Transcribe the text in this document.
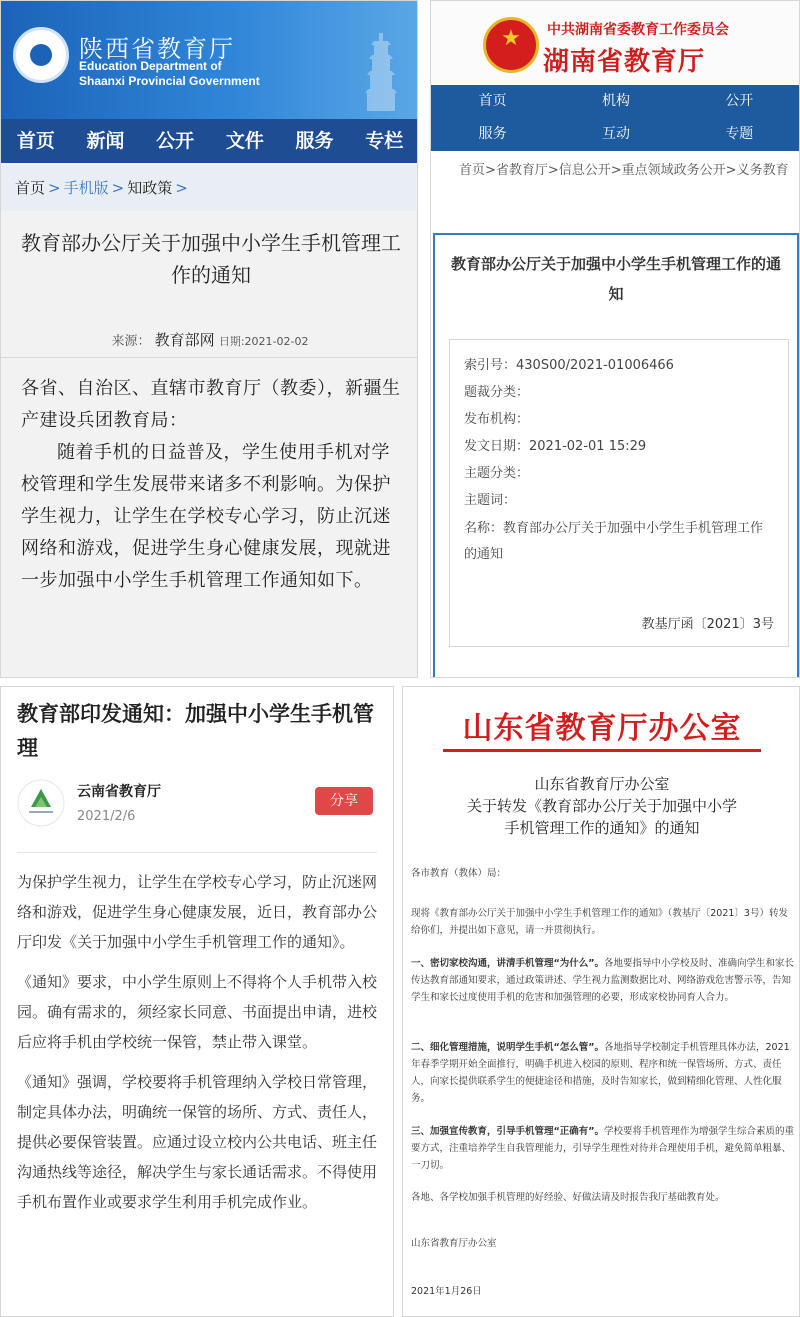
陕西省教育厅
Education Department of
Shaanxi Provincial Government
首页	新闻	公开	文件	服务	专栏
首页 > 手机版 > 知政策 >
教育部办公厅关于加强中小学生手机管理工作的通知
来源： 教育部网 日期:2021-02-02

各省、自治区、直辖市教育厅（教委），新疆生产建设兵团教育局：

随着手机的日益普及，学生使用手机对学校管理和学生发展带来诸多不利影响。为保护学生视力，让学生在学校专心学习，防止沉迷网络和游戏，促进学生身心健康发展，现就进一步加强中小学生手机管理工作通知如下。

★
中共湖南省委教育工作委员会
湖南省教育厅
首页	机构	公开
服务	互动	专题
首页>省教育厅>信息公开>重点领域政务公开>义务教育
教育部办公厅关于加强中小学生手机管理工作的通知
索引号：430S00/2021-01006466
题裁分类：
发布机构：
发文日期：2021-02-01 15:29
主题分类：
主题词：
名称：教育部办公厅关于加强中小学生手机管理工作的通知
教基厅函〔2021〕3号
教育部印发通知：加强中小学生手机管理
云南省教育厅
2021/2/6
分享

为保护学生视力，让学生在学校专心学习，防止沉迷网络和游戏，促进学生身心健康发展，近日，教育部办公厅印发《关于加强中小学生手机管理工作的通知》。

《通知》要求，中小学生原则上不得将个人手机带入校园。确有需求的，须经家长同意、书面提出申请，进校后应将手机由学校统一保管，禁止带入课堂。

《通知》强调，学校要将手机管理纳入学校日常管理，制定具体办法，明确统一保管的场所、方式、责任人，提供必要保管装置。应通过设立校内公共电话、班主任沟通热线等途径，解决学生与家长通话需求。不得使用手机布置作业或要求学生利用手机完成作业。

山东省教育厅办公室
山东省教育厅办公室
关于转发《教育部办公厅关于加强中小学
手机管理工作的通知》的通知
各市教育（教体）局：
现将《教育部办公厅关于加强中小学生手机管理工作的通知》（教基厅〔2021〕3号）转发给你们，并提出如下意见，请一并贯彻执行。
一、密切家校沟通，讲清手机管理“为什么”。各地要指导中小学校及时、准确向学生和家长传达教育部通知要求，通过政策讲述、学生视力监测数据比对、网络游戏危害警示等，告知学生和家长过度使用手机的危害和加强管理的必要，形成家校协同育人合力。
二、细化管理措施，说明学生手机“怎么管”。各地指导学校制定手机管理具体办法，2021年春季学期开始全面推行，明确手机进入校园的原则、程序和统一保管场所、方式、责任人，向家长提供联系学生的便捷途径和措施，及时告知家长，做到精细化管理、人性化服务。
三、加强宣传教育，引导手机管理“正确有”。学校要将手机管理作为增强学生综合素质的重要方式，注重培养学生自我管理能力，引导学生理性对待并合理使用手机，避免简单粗暴、一刀切。
各地、各学校加强手机管理的好经验、好做法请及时报告我厅基础教育处。
山东省教育厅办公室
2021年1月26日
